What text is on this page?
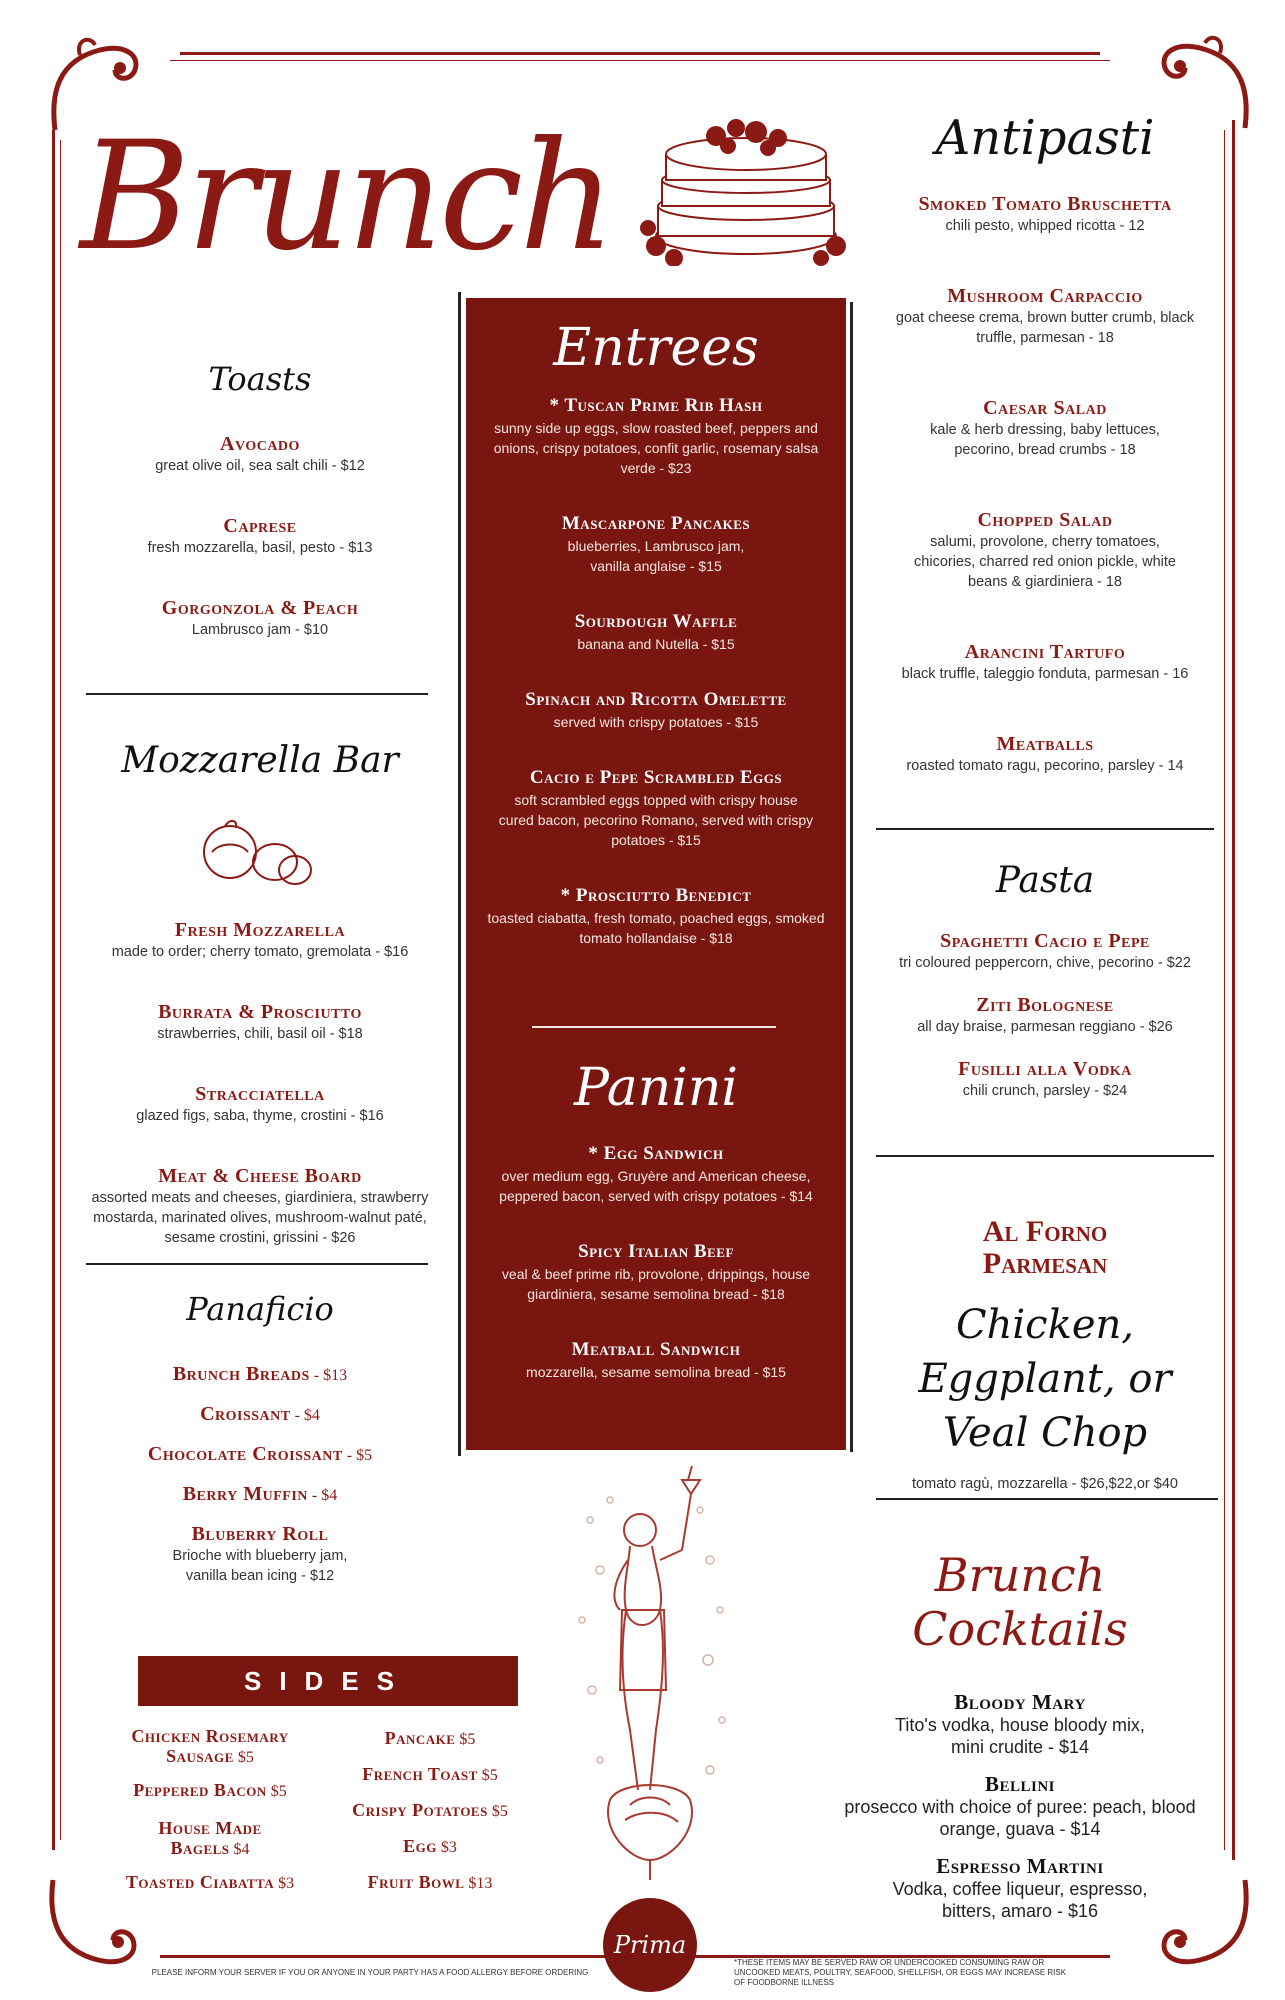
Brunch
Toasts
Avocado
great olive oil, sea salt chili - $12
Caprese
fresh mozzarella, basil, pesto - $13
Gorgonzola & Peach
Lambrusco jam - $10
Mozzarella Bar
Fresh Mozzarella
made to order; cherry tomato, gremolata - $16
Burrata & Prosciutto
strawberries, chili, basil oil - $18
Stracciatella
glazed figs, saba, thyme, crostini - $16
Meat & Cheese Board
assorted meats and cheeses, giardiniera, strawberry mostarda, marinated olives, mushroom-walnut paté, sesame crostini, grissini - $26
Panaficio
Brunch Breads - $13
Croissant - $4
Chocolate Croissant - $5
Berry Muffin - $4
Bluberry Roll
Brioche with blueberry jam, vanilla bean icing - $12
SIDES
Chicken Rosemary Sausage $5
Peppered Bacon $5
House Made Bagels $4
Toasted Ciabatta $3
Pancake $5
French Toast $5
Crispy Potatoes $5
Egg $3
Fruit Bowl $13
Entrees
* Tuscan Prime Rib Hash
sunny side up eggs, slow roasted beef, peppers and onions, crispy potatoes, confit garlic, rosemary salsa verde - $23
Mascarpone Pancakes
blueberries, Lambrusco jam, vanilla anglaise - $15
Sourdough Waffle
banana and Nutella - $15
Spinach and Ricotta Omelette
served with crispy potatoes - $15
Cacio e Pepe Scrambled Eggs
soft scrambled eggs topped with crispy house cured bacon, pecorino Romano, served with crispy potatoes - $15
* Prosciutto Benedict
toasted ciabatta, fresh tomato, poached eggs, smoked tomato hollandaise - $18
Panini
* Egg Sandwich
over medium egg, Gruyère and American cheese, peppered bacon, served with crispy potatoes - $14
Spicy Italian Beef
veal & beef prime rib, provolone, drippings, house giardiniera, sesame semolina bread - $18
Meatball Sandwich
mozzarella, sesame semolina bread - $15
Antipasti
Smoked Tomato Bruschetta
chili pesto, whipped ricotta - 12
Mushroom Carpaccio
goat cheese crema, brown butter crumb, black truffle, parmesan - 18
Caesar Salad
kale & herb dressing, baby lettuces, pecorino, bread crumbs - 18
Chopped Salad
salumi, provolone, cherry tomatoes, chicories, charred red onion pickle, white beans & giardiniera - 18
Arancini Tartufo
black truffle, taleggio fonduta, parmesan - 16
Meatballs
roasted tomato ragu, pecorino, parsley - 14
Pasta
Spaghetti Cacio e Pepe
tri coloured peppercorn, chive, pecorino - $22
Ziti Bolognese
all day braise, parmesan reggiano - $26
Fusilli alla Vodka
chili crunch, parsley - $24
Al Forno Parmesan
Chicken, Eggplant, or Veal Chop
tomato ragù, mozzarella - $26,$22,or $40
Brunch Cocktails
Bloody Mary
Tito's vodka, house bloody mix, mini crudite - $14
Bellini
prosecco with choice of puree: peach, blood orange, guava - $14
Espresso Martini
Vodka, coffee liqueur, espresso, bitters, amaro - $16
PLEASE INFORM YOUR SERVER IF YOU OR ANYONE IN YOUR PARTY HAS A FOOD ALLERGY BEFORE ORDERING
*THESE ITEMS MAY BE SERVED RAW OR UNDERCOOKED CONSUMING RAW OR UNCOOKED MEATS, POULTRY, SEAFOOD, SHELLFISH, OR EGGS MAY INCREASE RISK OF FOODBORNE ILLNESS
Prima
